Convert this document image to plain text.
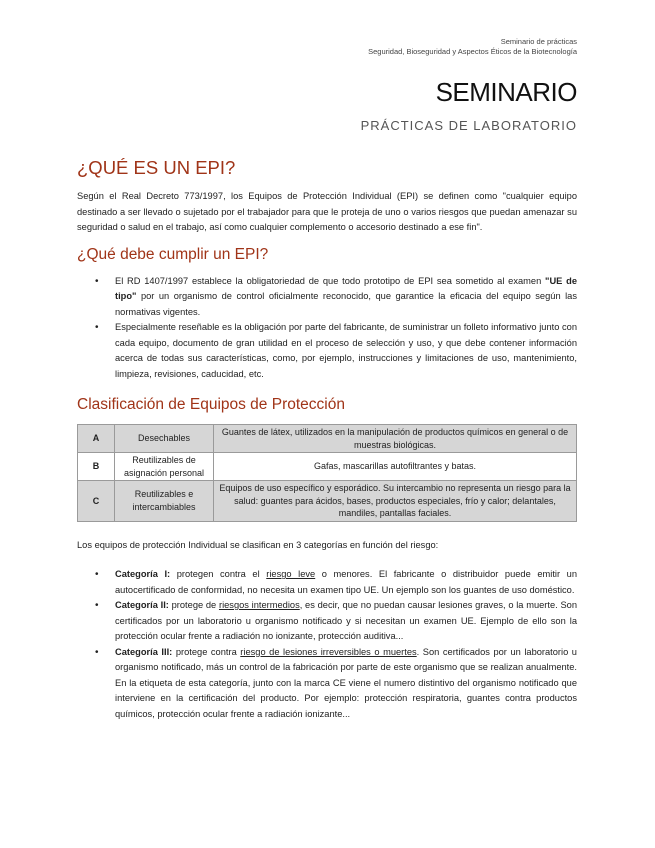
Seminario de prácticas
Seguridad, Bioseguridad y Aspectos Éticos de la Biotecnología
SEMINARIO
PRÁCTICAS DE LABORATORIO
¿QUÉ ES UN EPI?

Según el Real Decreto 773/1997, los Equipos de Protección Individual (EPI) se definen como "cualquier equipo destinado a ser llevado o sujetado por el trabajador para que le proteja de uno o varios riesgos que puedan amenazar su seguridad o salud en el trabajo, así como cualquier complemento o accesorio destinado a ese fin".

¿Qué debe cumplir un EPI?
• El RD 1407/1997 establece la obligatoriedad de que todo prototipo de EPI sea sometido al examen "UE de tipo" por un organismo de control oficialmente reconocido, que garantice la eficacia del equipo según las normativas vigentes.
• Especialmente reseñable es la obligación por parte del fabricante, de suministrar un folleto informativo junto con cada equipo, documento de gran utilidad en el proceso de selección y uso, y que debe contener información acerca de todas sus características, como, por ejemplo, instrucciones y limitaciones de uso, mantenimiento, limpieza, revisiones, caducidad, etc.
Clasificación de Equipos de Protección
A	Desechables	Guantes de látex, utilizados en la manipulación de productos químicos en general o de muestras biológicas.
B	Reutilizables de asignación personal	Gafas, mascarillas autofiltrantes y batas.
C	Reutilizables e intercambiables	Equipos de uso específico y esporádico. Su intercambio no representa un riesgo para la salud: guantes para ácidos, bases, productos especiales, frío y calor; delantales, mandiles, pantallas faciales.

Los equipos de protección Individual se clasifican en 3 categorías en función del riesgo:

• Categoría I: protegen contra el riesgo leve o menores. El fabricante o distribuidor puede emitir un autocertificado de conformidad, no necesita un examen tipo UE. Un ejemplo son los guantes de uso doméstico.
• Categoría II: protege de riesgos intermedios, es decir, que no puedan causar lesiones graves, o la muerte. Son certificados por un laboratorio u organismo notificado y si necesitan un examen UE. Ejemplo de ello son la protección ocular frente a radiación no ionizante, protección auditiva...
• Categoría III: protege contra riesgo de lesiones irreversibles o muertes. Son certificados por un laboratorio u organismo notificado, más un control de la fabricación por parte de este organismo que se realizan anualmente. En la etiqueta de esta categoría, junto con la marca CE viene el numero distintivo del organismo notificado que interviene en la certificación del producto. Por ejemplo: protección respiratoria, guantes contra productos químicos, protección ocular frente a radiación ionizante...
